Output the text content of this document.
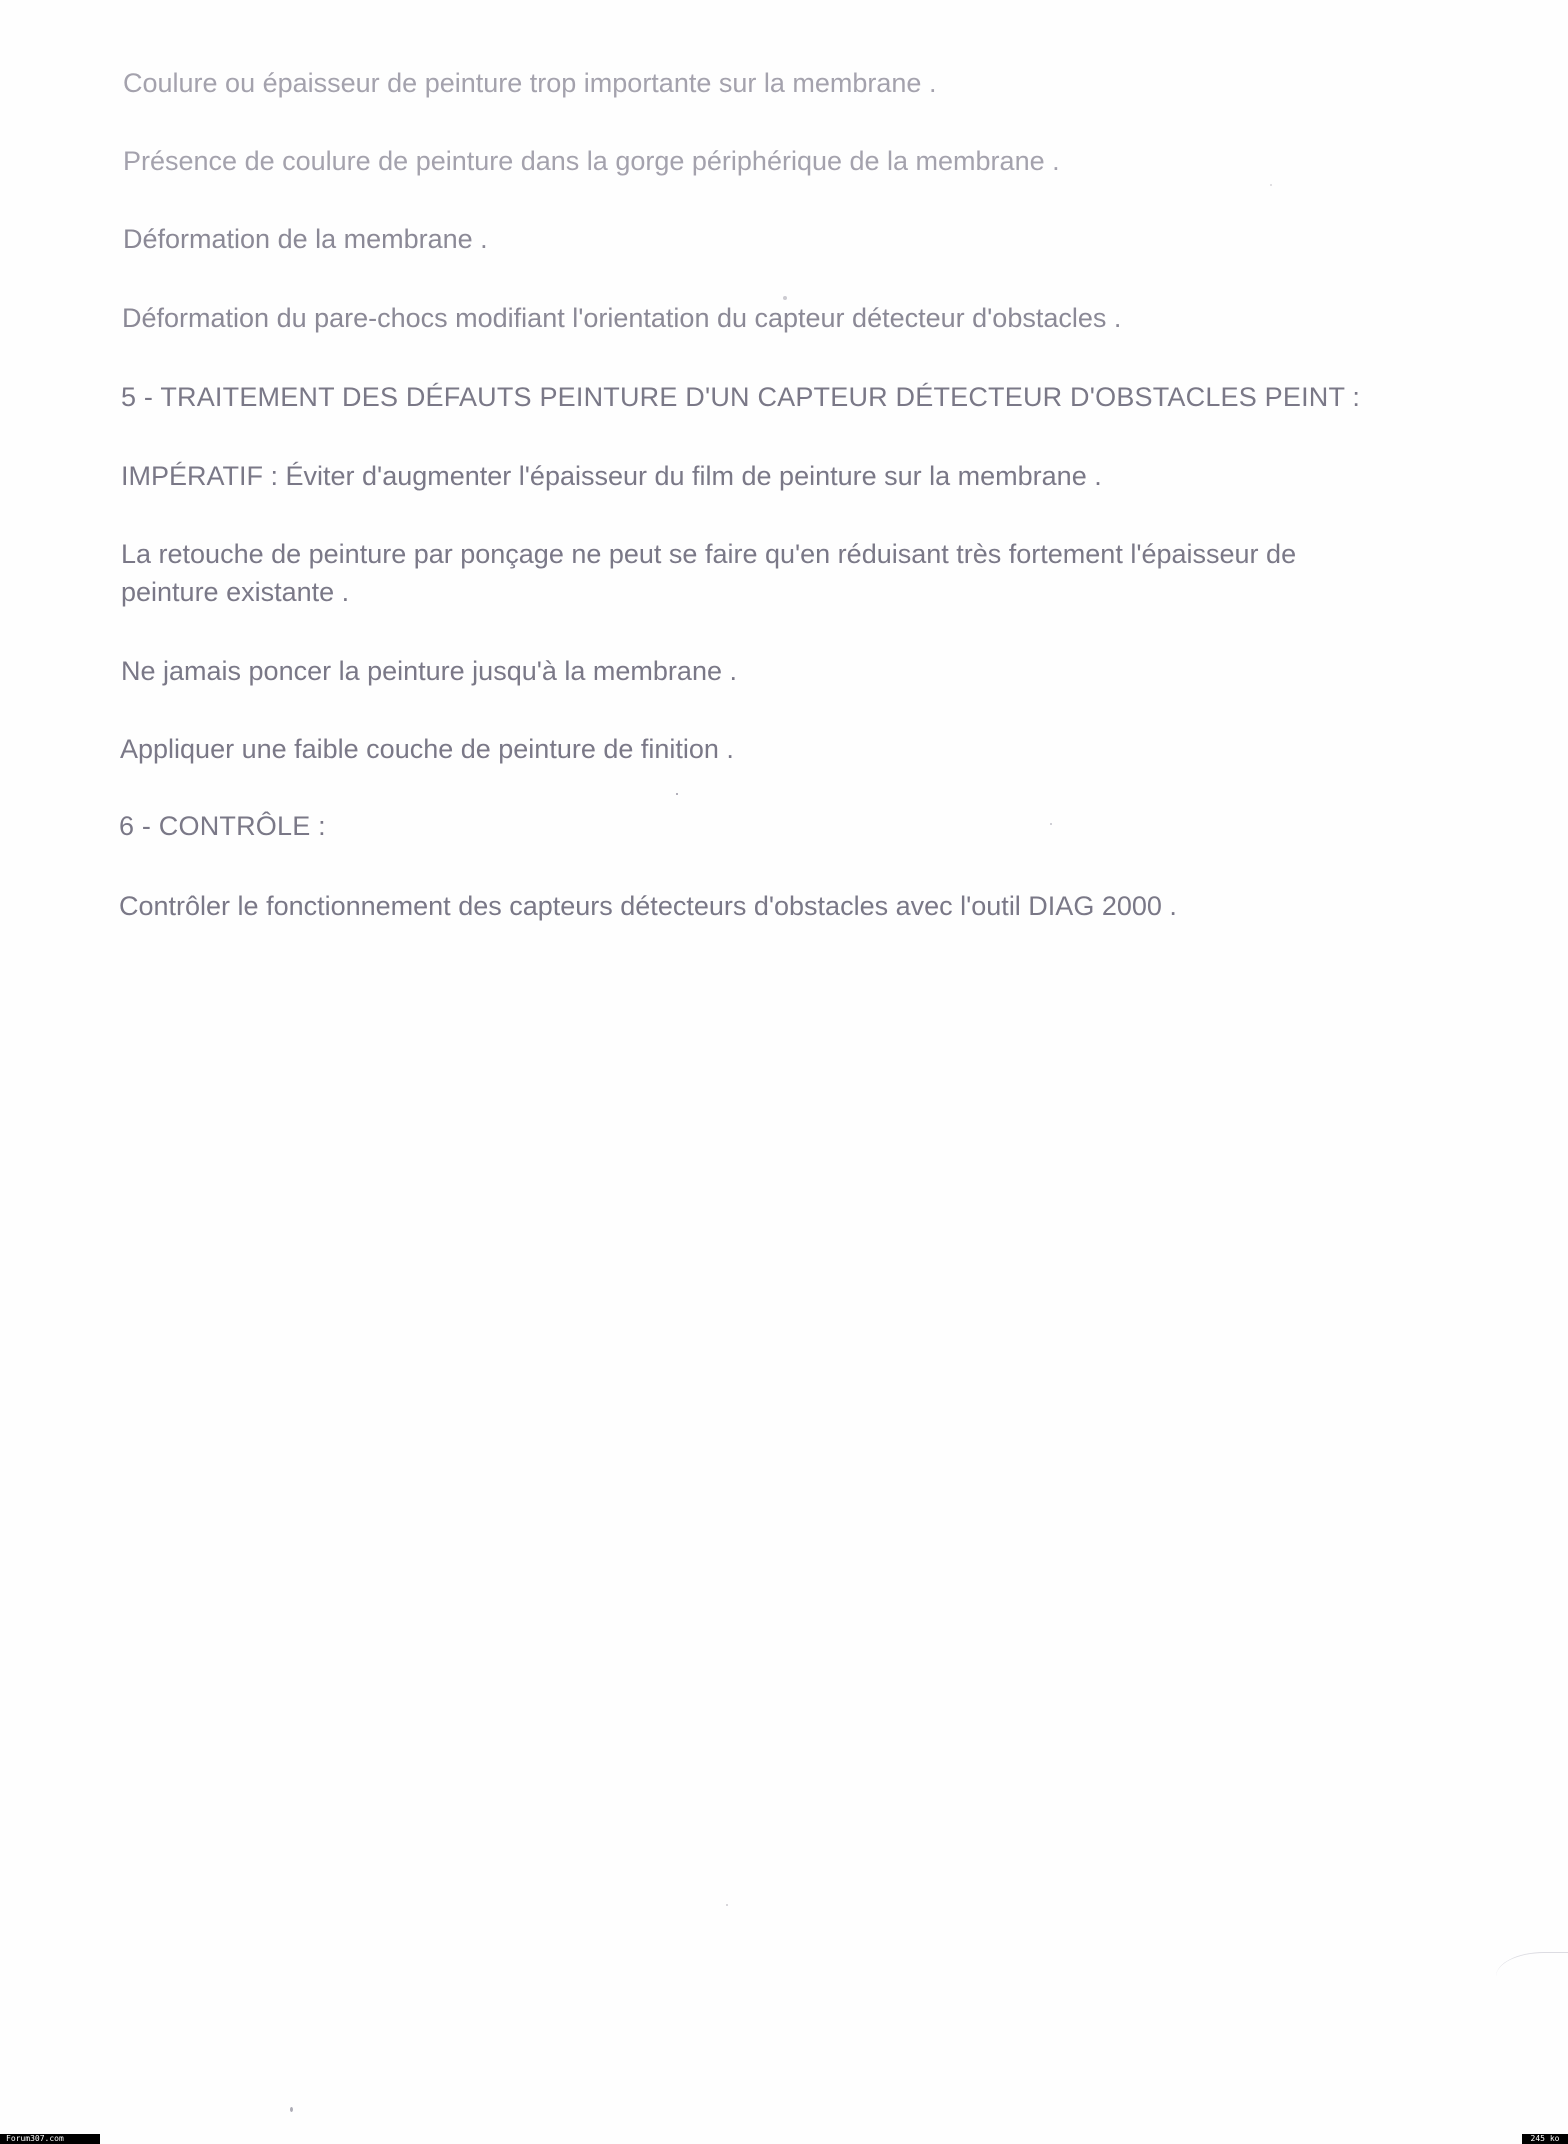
Coulure ou épaisseur de peinture trop importante sur la membrane .

Présence de coulure de peinture dans la gorge périphérique de la membrane .

Déformation de la membrane .

Déformation du pare-chocs modifiant l'orientation du capteur détecteur d'obstacles .

5 - TRAITEMENT DES DÉFAUTS PEINTURE D'UN CAPTEUR DÉTECTEUR D'OBSTACLES PEINT :

IMPÉRATIF : Éviter d'augmenter l'épaisseur du film de peinture sur la membrane .

La retouche de peinture par ponçage ne peut se faire qu'en réduisant très fortement l'épaisseur de

peinture existante .

Ne jamais poncer la peinture jusqu'à la membrane .

Appliquer une faible couche de peinture de finition .

6 - CONTRÔLE :

Contrôler le fonctionnement des capteurs détecteurs d'obstacles avec l'outil DIAG 2000 .

Forum307.com	245 ko
